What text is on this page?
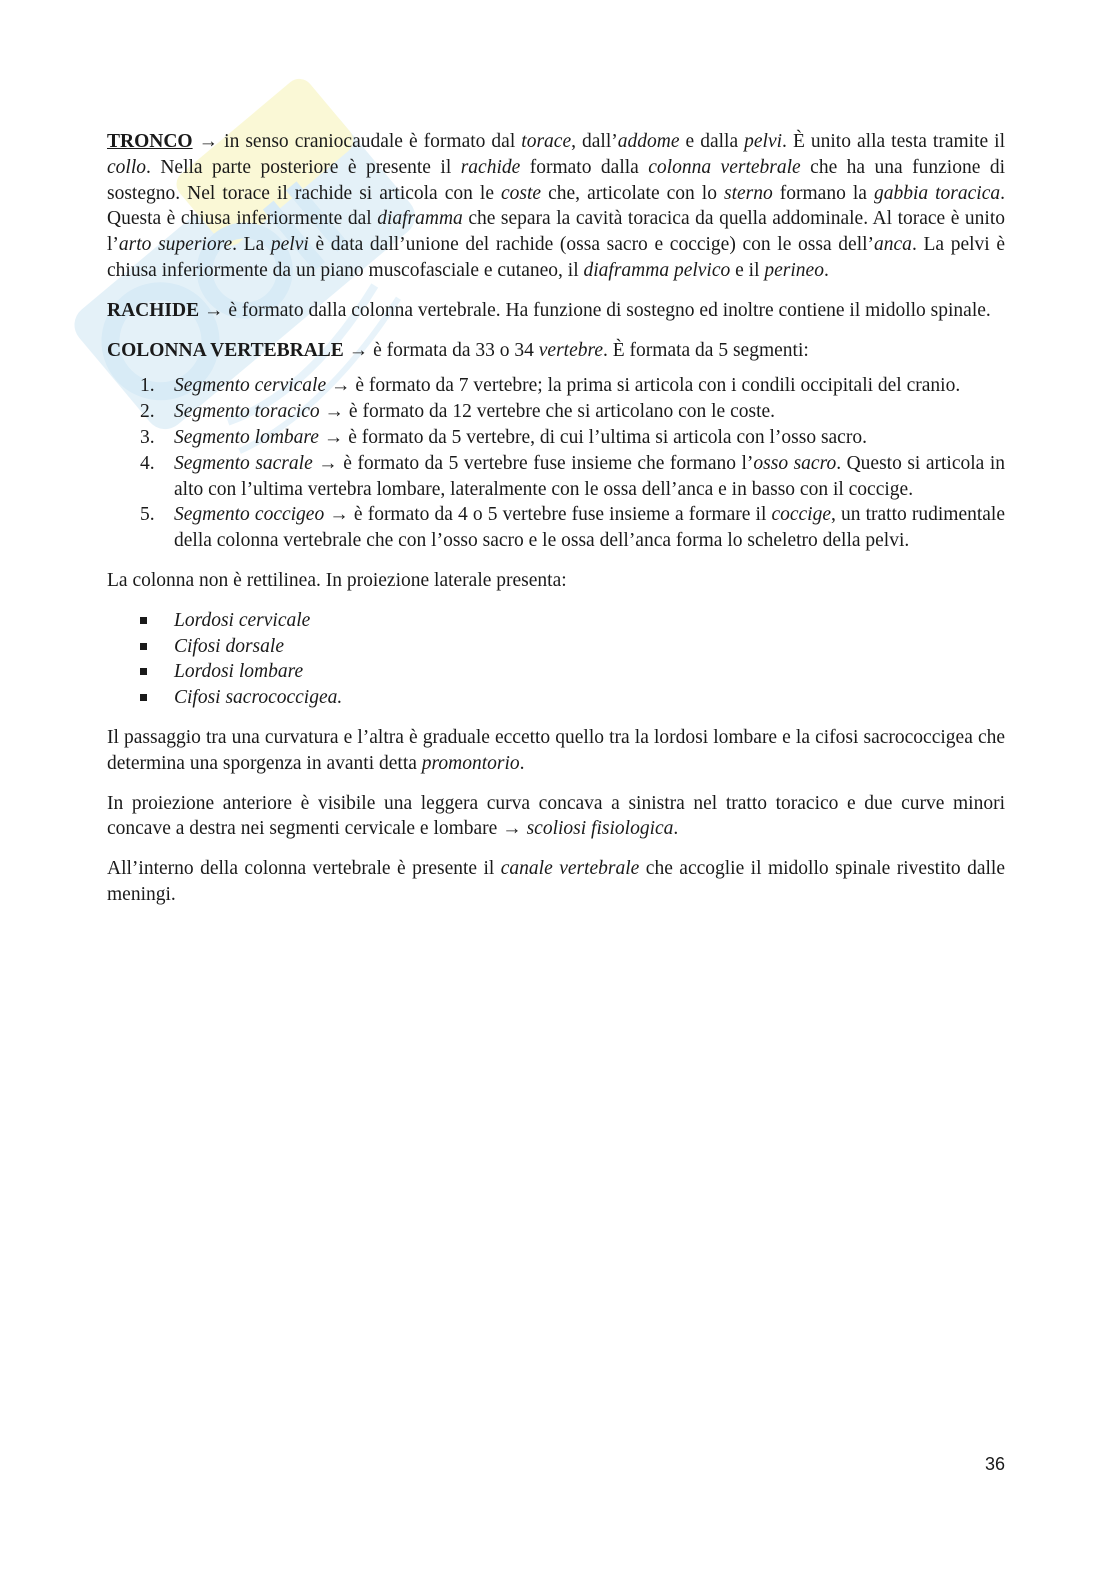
TRONCO → in senso craniocaudale è formato dal torace, dall’addome e dalla pelvi. È unito alla testa tramite il collo. Nella parte posteriore è presente il rachide formato dalla colonna vertebrale che ha una funzione di sostegno. Nel torace il rachide si articola con le coste che, articolate con lo sterno formano la gabbia toracica. Questa è chiusa inferiormente dal diaframma che separa la cavità toracica da quella addominale. Al torace è unito l’arto superiore. La pelvi è data dall’unione del rachide (ossa sacro e coccige) con le ossa dell’anca. La pelvi è chiusa inferiormente da un piano muscofasciale e cutaneo, il diaframma pelvico e il perineo.

RACHIDE → è formato dalla colonna vertebrale. Ha funzione di sostegno ed inoltre contiene il midollo spinale.

COLONNA VERTEBRALE → è formata da 33 o 34 vertebre. È formata da 5 segmenti:

1. Segmento cervicale → è formato da 7 vertebre; la prima si articola con i condili occipitali del cranio.
2. Segmento toracico → è formato da 12 vertebre che si articolano con le coste.
3. Segmento lombare → è formato da 5 vertebre, di cui l’ultima si articola con l’osso sacro.
4. Segmento sacrale → è formato da 5 vertebre fuse insieme che formano l’osso sacro. Questo si articola in alto con l’ultima vertebra lombare, lateralmente con le ossa dell’anca e in basso con il coccige.
5. Segmento coccigeo → è formato da 4 o 5 vertebre fuse insieme a formare il coccige, un tratto rudimentale della colonna vertebrale che con l’osso sacro e le ossa dell’anca forma lo scheletro della pelvi.

La colonna non è rettilinea. In proiezione laterale presenta:

Lordosi cervicale
Cifosi dorsale
Lordosi lombare
Cifosi sacrococcigea.

Il passaggio tra una curvatura e l’altra è graduale eccetto quello tra la lordosi lombare e la cifosi sacrococcigea che determina una sporgenza in avanti detta promontorio.

In proiezione anteriore è visibile una leggera curva concava a sinistra nel tratto toracico e due curve minori concave a destra nei segmenti cervicale e lombare → scoliosi fisiologica.

All’interno della colonna vertebrale è presente il canale vertebrale che accoglie il midollo spinale rivestito dalle meningi.

36
